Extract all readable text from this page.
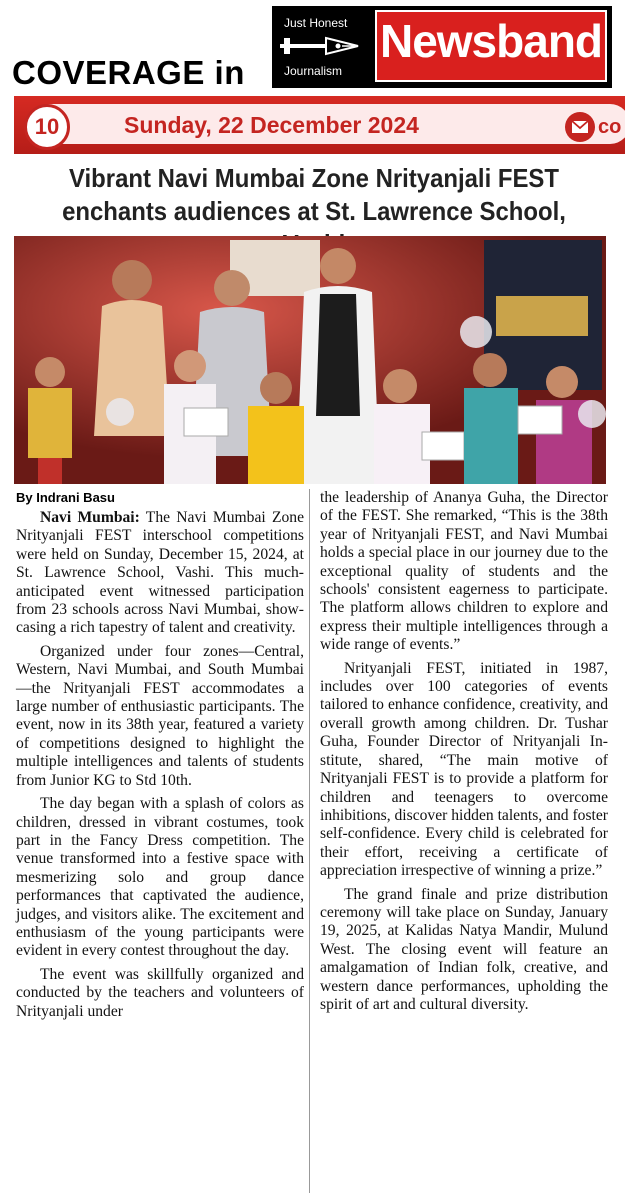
COVERAGE in
Just Honest
Journalism
Newsband
10	Sunday, 22 December 2024	co
Vibrant Navi Mumbai Zone Nrityanjali FEST
enchants audiences at St. Lawrence School,
By Indrani Basu

Navi Mumbai: The Navi Mumbai Zone Nrityanjali FEST interschool competitions were held on Sunday, December 15, 2024, at St. Lawrence School, Vashi. This much-anticipated event witnessed participation from 23 schools across Navi Mumbai, showcasing a rich tapestry of talent and creativity.

Organized under four zones—Central, Western, Navi Mumbai, and South Mumbai—the Nrityanjali FEST accommodates a large number of enthusiastic participants. The event, now in its 38th year, featured a variety of competitions designed to highlight the multiple intelligences and talents of students from Junior KG to Std 10th.

The day began with a splash of colors as children, dressed in vibrant costumes, took part in the Fancy Dress competition. The venue transformed into a festive space with mesmerizing solo and group dance performances that captivated the audience, judges, and visitors alike. The excitement and enthusiasm of the young participants were evident in every contest throughout the day.

The event was skillfully organized and conducted by the teachers and volunteers of Nrityanjali under

the leadership of Ananya Guha, the Director of the FEST. She remarked, “This is the 38th year of Nrityanjali FEST, and Navi Mumbai holds a special place in our journey due to the exceptional quality of students and the schools' consistent eagerness to participate. The platform allows children to explore and express their multiple intelligences through a wide range of events.”

Nrityanjali FEST, initiated in 1987, includes over 100 categories of events tailored to enhance confidence, creativity, and overall growth among children. Dr. Tushar Guha, Founder Director of Nrityanjali Institute, shared, “The main motive of Nrityanjali FEST is to provide a platform for children and teenagers to overcome inhibitions, discover hidden talents, and foster self-confidence. Every child is celebrated for their effort, receiving a certificate of appreciation irrespective of winning a prize.”

The grand finale and prize distribution ceremony will take place on Sunday, January 19, 2025, at Kalidas Natya Mandir, Mulund West. The closing event will feature an amalgamation of Indian folk, creative, and western dance performances, upholding the spirit of art and cultural diversity.
